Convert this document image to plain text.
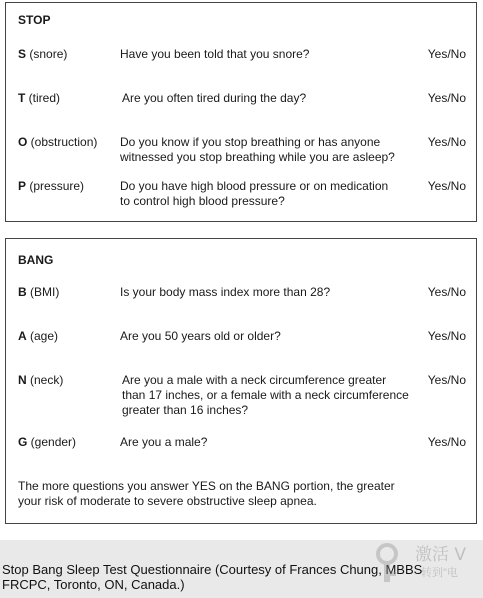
STOP
S (snore)	Have you been told that you snore?	Yes/No
T (tired)	Are you often tired during the day?	Yes/No
O (obstruction) Do you know if you stop breathing or has anyone
witnessed you stop breathing while you are asleep?
Yes/No
P (pressure)	Do you have high blood pressure or on medication
to control high blood pressure?
Yes/No
BANG
B (BMI)	Is your body mass index more than 28?	Yes/No
A (age)	Are you 50 years old or older?	Yes/No
N (neck)	Are you a male with a neck circumference greater
than 17 inches, or a female with a neck circumference
greater than 16 inches?
Yes/No
G (gender)	Are you a male?	Yes/No
The more questions you answer YES on the BANG portion, the greater
your risk of moderate to severe obstructive sleep apnea.
Stop Bang Sleep Test Questionnaire (Courtesy of Frances Chung, MBBS
FRCPC, Toronto, ON, Canada.)
激活 V
转到"电
